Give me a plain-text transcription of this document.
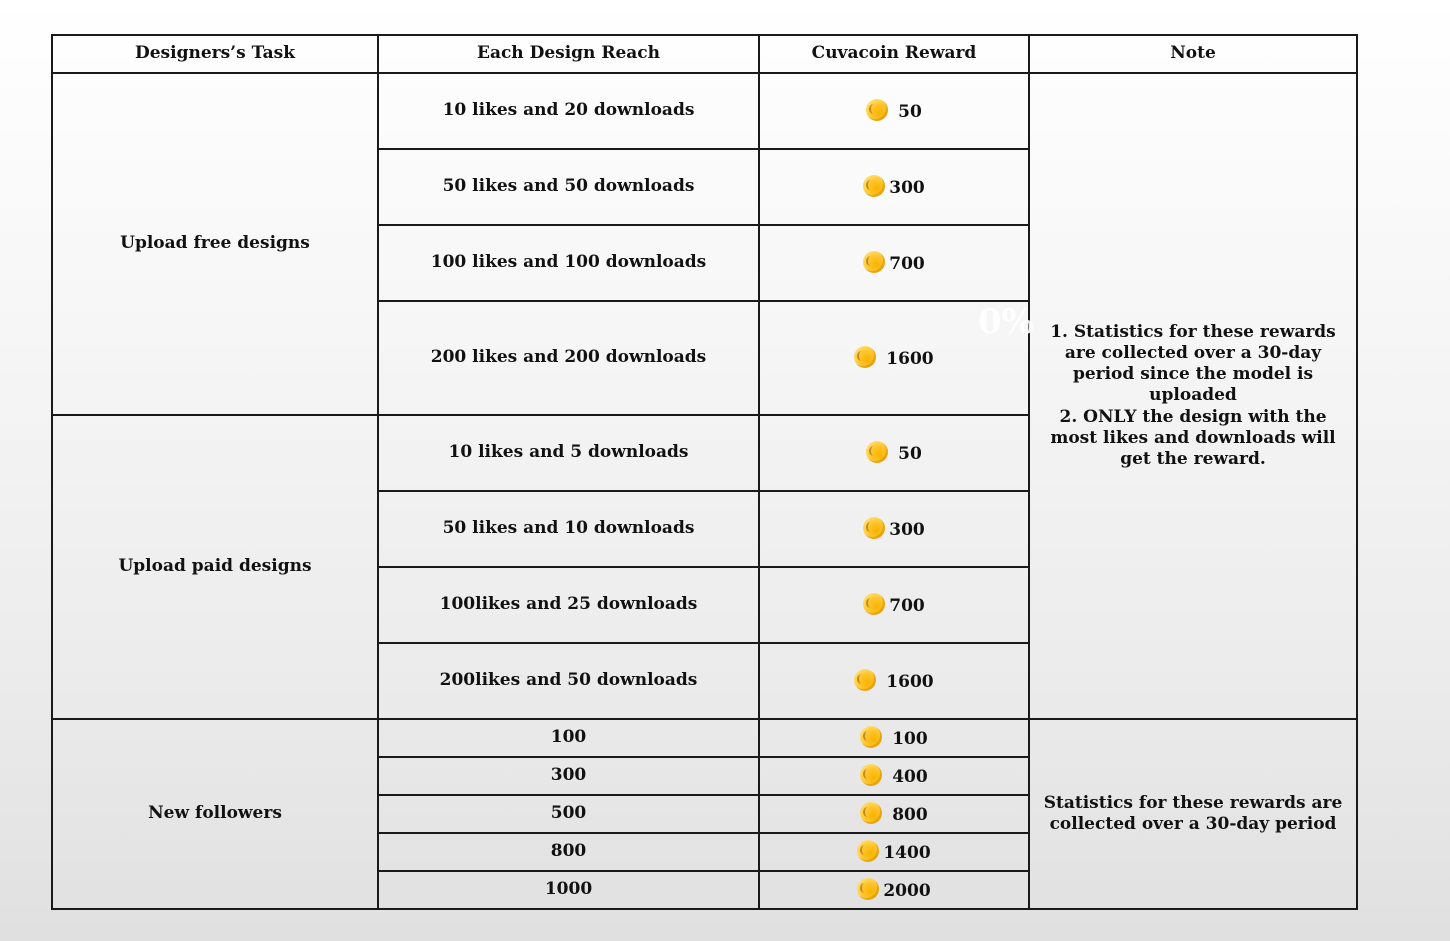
Designers’s Task	Each Design Reach	Cuvacoin Reward	Note
Upload free designs	10 likes and 20 downloads	50	1. Statistics for these rewards are collected over a 30-day period since the model is uploaded
2. ONLY the design with the most likes and downloads will get the reward.

	50 likes and 50 downloads	300	
	100 likes and 100 downloads	700	
	200 likes and 200 downloads	1600	
Upload paid designs	10 likes and 5 downloads	50	
	50 likes and 10 downloads	300	
	100likes and 25 downloads	700	
	200likes and 50 downloads	1600	
New followers	100	100	Statistics for these rewards are collected over a 30-day period
	300	400	
	500	800	
	800	1400	
	1000	2000	
0%
